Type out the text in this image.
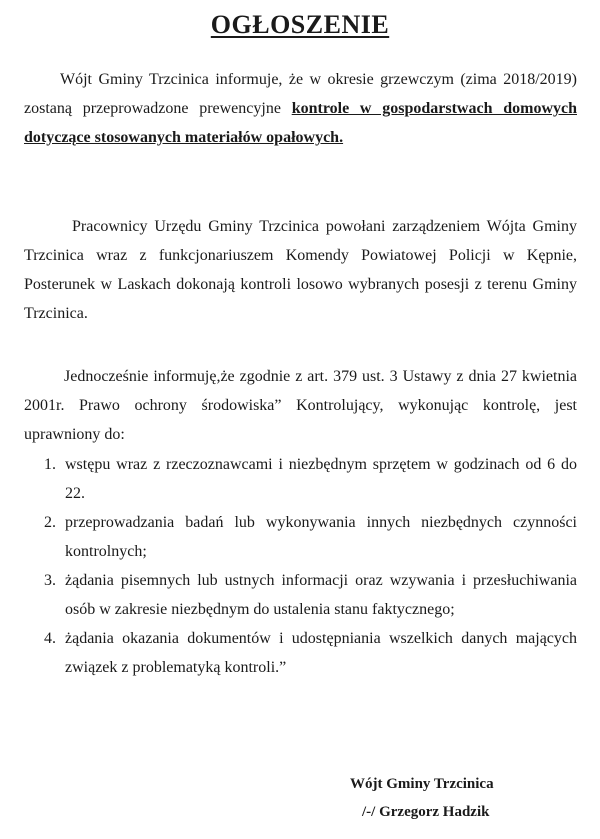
OGŁOSZENIE

Wójt Gminy Trzcinica informuje, że w okresie grzewczym (zima 2018/2019) zostaną przeprowadzone prewencyjne kontrole w gospodarstwach domowych dotyczące stosowanych materiałów opałowych.

Pracownicy Urzędu Gminy Trzcinica powołani zarządzeniem Wójta Gminy Trzcinica wraz z funkcjonariuszem Komendy Powiatowej Policji w Kępnie, Posterunek w Laskach dokonają kontroli losowo wybranych posesji z terenu Gminy Trzcinica.

Jednocześnie informuję,że zgodnie z art. 379 ust. 3 Ustawy z dnia 27 kwietnia 2001r. Prawo ochrony środowiska” Kontrolujący, wykonując kontrolę, jest uprawniony do:

1. wstępu wraz z rzeczoznawcami i niezbędnym sprzętem w godzinach od 6 do 22.
2. przeprowadzania badań lub wykonywania innych niezbędnych czynności kontrolnych;
3. żądania pisemnych lub ustnych informacji oraz wzywania i przesłuchiwania osób w zakresie niezbędnym do ustalenia stanu faktycznego;
4. żądania okazania dokumentów i udostępniania wszelkich danych mających związek z problematyką kontroli.”

Wójt Gminy Trzcinica

/-/ Grzegorz Hadzik
